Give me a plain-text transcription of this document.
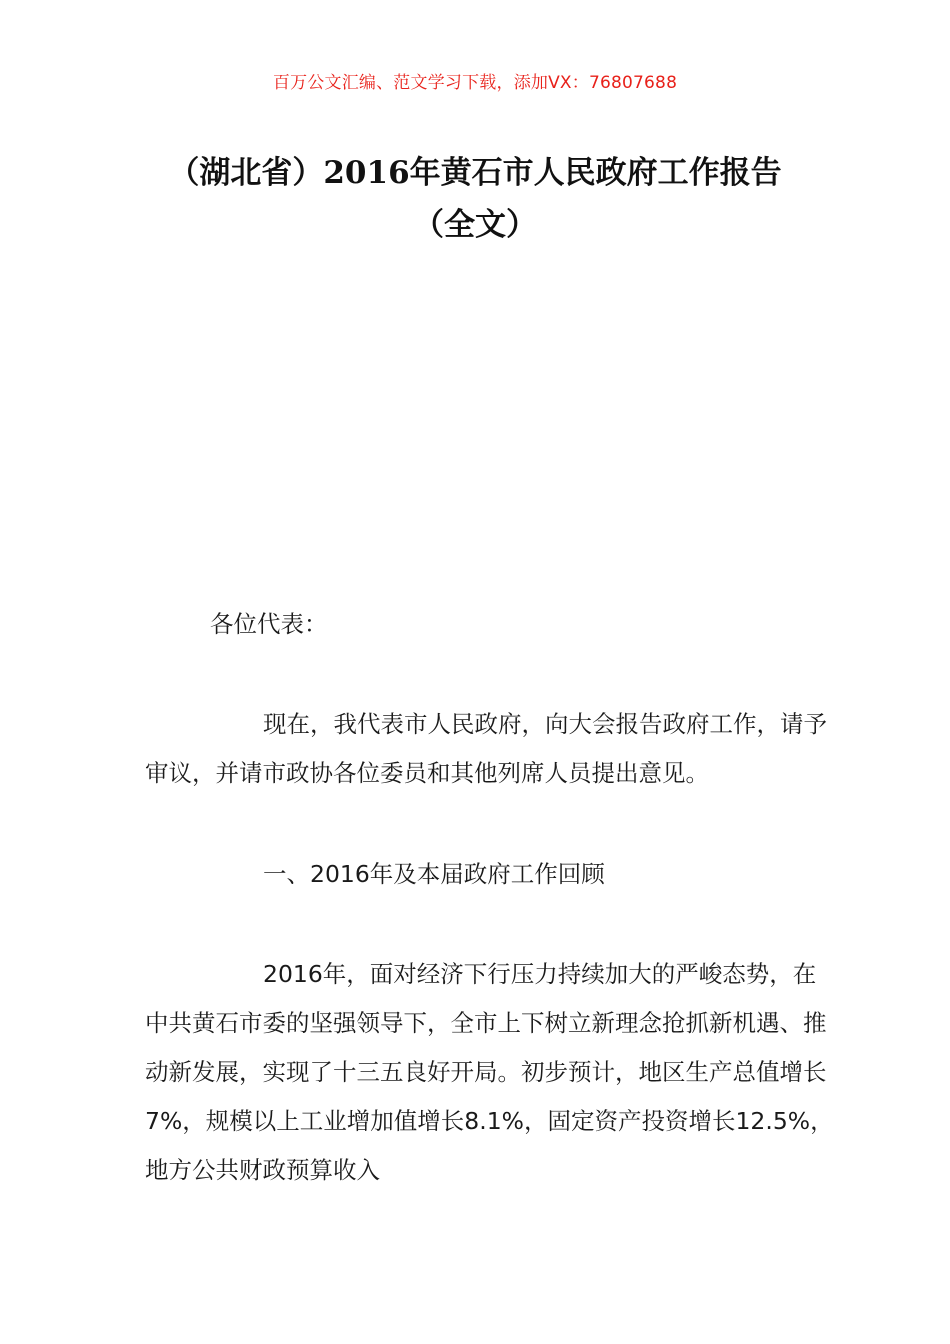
百万公文汇编、范文学习下载，添加VX：76807688
（湖北省）2016年黄石市人民政府工作报告（全文）

各位代表：

现在，我代表市人民政府，向大会报告政府工作，请予审议，并请市政协各位委员和其他列席人员提出意见。

一、2016年及本届政府工作回顾

2016年，面对经济下行压力持续加大的严峻态势，在中共黄石市委的坚强领导下，全市上下树立新理念抢抓新机遇、推动新发展，实现了十三五良好开局。初步预计，地区生产总值增长7%，规模以上工业增加值增长8.1%，固定资产投资增长12.5%，地方公共财政预算收入
